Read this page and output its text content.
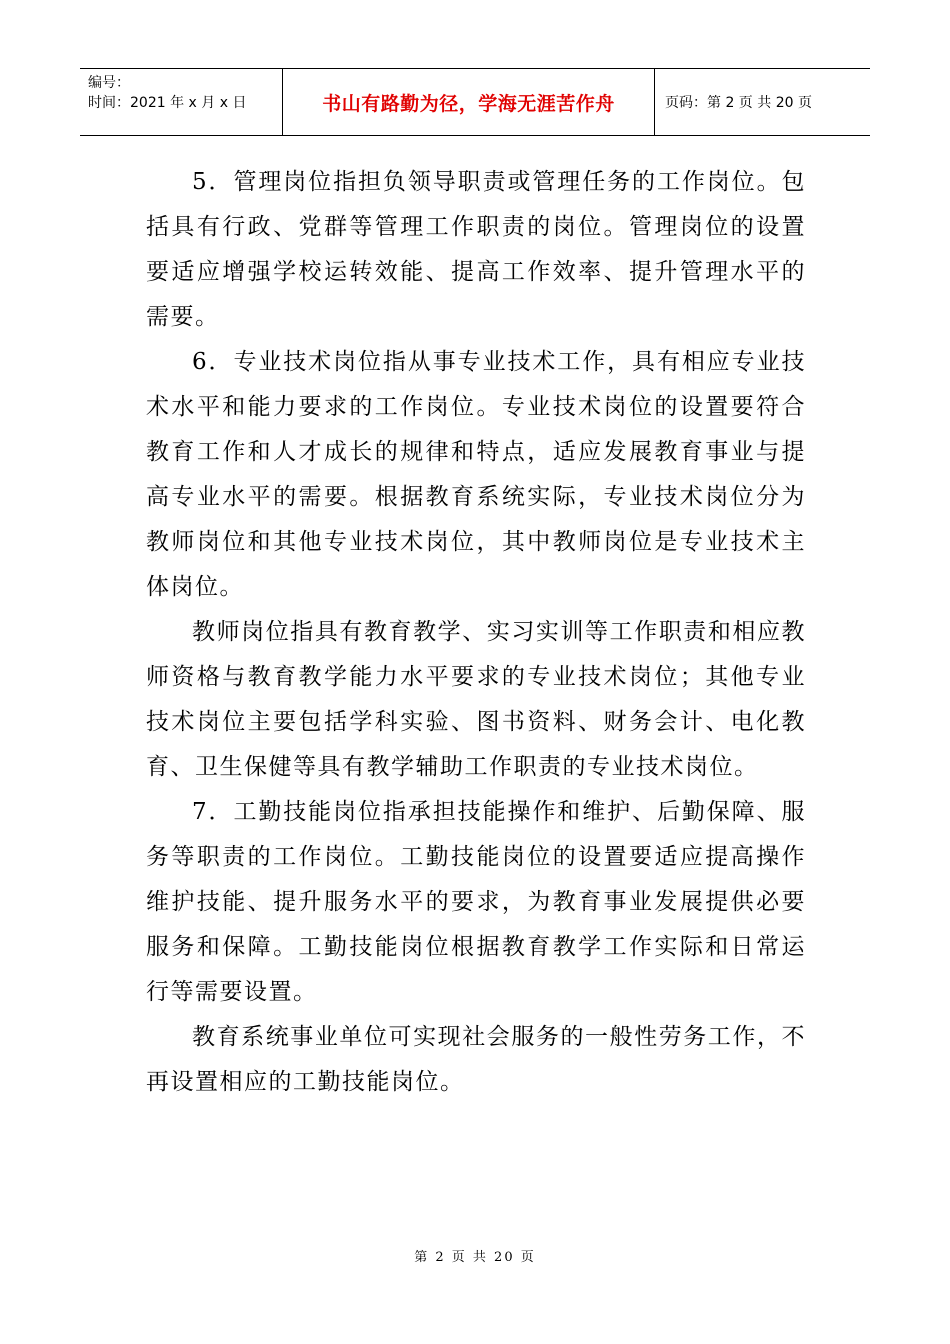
编号：
时间：2021 年 x 月 x 日	书山有路勤为径，学海无涯苦作舟	页码：第 2 页 共 20 页

5．管理岗位指担负领导职责或管理任务的工作岗位。包括具有行政、党群等管理工作职责的岗位。管理岗位的设置要适应增强学校运转效能、提高工作效率、提升管理水平的需要。

6．专业技术岗位指从事专业技术工作，具有相应专业技术水平和能力要求的工作岗位。专业技术岗位的设置要符合教育工作和人才成长的规律和特点，适应发展教育事业与提高专业水平的需要。根据教育系统实际，专业技术岗位分为教师岗位和其他专业技术岗位，其中教师岗位是专业技术主体岗位。

教师岗位指具有教育教学、实习实训等工作职责和相应教师资格与教育教学能力水平要求的专业技术岗位；其他专业技术岗位主要包括学科实验、图书资料、财务会计、电化教育、卫生保健等具有教学辅助工作职责的专业技术岗位。

7．工勤技能岗位指承担技能操作和维护、后勤保障、服务等职责的工作岗位。工勤技能岗位的设置要适应提高操作维护技能、提升服务水平的要求，为教育事业发展提供必要服务和保障。工勤技能岗位根据教育教学工作实际和日常运行等需要设置。

教育系统事业单位可实现社会服务的一般性劳务工作，不再设置相应的工勤技能岗位。

第 2 页 共 20 页
